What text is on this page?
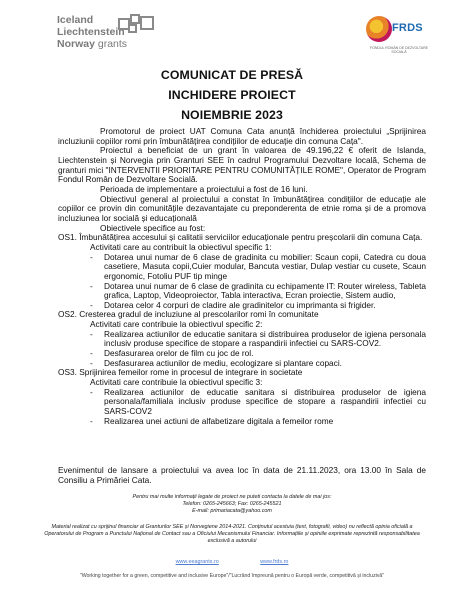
Iceland
Liechtenstein
Norway grants
FRDS
FONDUL ROMÂN DE DEZVOLTARE SOCIALĂ
COMUNICAT DE PRESĂ
INCHIDERE PROIECT
NOIEMBRIE 2023

Promotorul de proiect UAT Comuna Cata anunță închiderea proiectului „Sprijinirea incluziunii copiilor romi prin îmbunătățirea condițiilor de educație din comuna Cața".

Proiectul a beneficiat de un grant în valoarea de 49.196,22 € oferit de Islanda, Liechtenstein și Norvegia prin Granturi SEE în cadrul Programului Dezvoltare locală, Schema de granturi mici "INTERVENTII PRIORITARE PENTRU COMUNITĂȚILE ROME", Operator de Program Fondul Român de Dezvoltare Socială.

Perioada de implementare a proiectului a fost de 16 luni.

Obiectivul general al proiectului a constat în îmbunătățirea condițiilor de educație ale copiilor ce provin din comunitățile dezavantajate cu preponderenta de etnie roma și de a promova incluziunea lor socială și educațională

Obiectivele specifice au fost:

OS1. Îmbunătățirea accesului și calitatii serviciilor educaționale pentru preșcolarii din comuna Cața.

Activitati care au contribuit la obiectivul specific 1:

- Dotarea unui numar de 6 clase de gradinita cu mobilier: Scaun copii, Catedra cu doua casetiere, Masuta copii,Cuier modular, Bancuta vestiar, Dulap vestiar cu cusete, Scaun ergonomic, Fotoliu PUF tip minge
- Dotarea unui numar de 6 clase de gradinita cu echipamente IT: Router wireless, Tableta grafica, Laptop, Videoproiector, Tabla interactiva, Ecran proiectie, Sistem audio,
- Dotarea celor 4 corpuri de cladire ale gradinitelor cu imprimanta si frigider.

OS2. Cresterea gradul de incluziune al prescolarilor romi în comunitate

Activitati care contribuie la obiectivul specific 2:

- Realizarea actiunilor de educatie sanitara si distribuirea produselor de igiena personala inclusiv produse specifice de stopare a raspandirii infectiei cu SARS-COV2.
- Desfasurarea orelor de film cu joc de rol.
- Desfasurarea actiunilor de mediu, ecologizare si plantare copaci.

OS3. Sprijinirea femeilor rome in procesul de integrare in societate

Activitati care contribuie la obiectivul specific 3:

- Realizarea actiunilor de educatie sanitara si distribuirea produselor de igiena personala/familiala inclusiv produse specifice de stopare a raspandirii infectiei cu SARS-COV2
- Realizarea unei actiuni de alfabetizare digitala a femeilor rome
Evenimentul de lansare a proiectului va avea loc în data de 21.11.2023, ora 13.00 în Sala de Consiliu a Primăriei Cata.
Pentru mai multe informații legate de proiect ne puteti contacta la datele de mai jos:
Telefon: 0265-245663; Fax: 0265-245521
E-mail: primariacata@yahoo.com
Material realizat cu sprijinul financiar al Granturilor SEE și Norvegiene 2014-2021. Conținutul acestuia (text, fotografii, video) nu reflectă opinia oficială a Operatorului de Program a Punctului Național de Contact sau a Oficiului Mecanismului Financiar. Informațiile și opiniile exprimate reprezintă responsabilitatea exclusivă a autorului
www.eeagrants.ro	www.frds.ro
"Working together for a green, competitive and inclusive Europe"/"Lucrând împreună pentru o Europă verde, competitivă și incluzivă"
